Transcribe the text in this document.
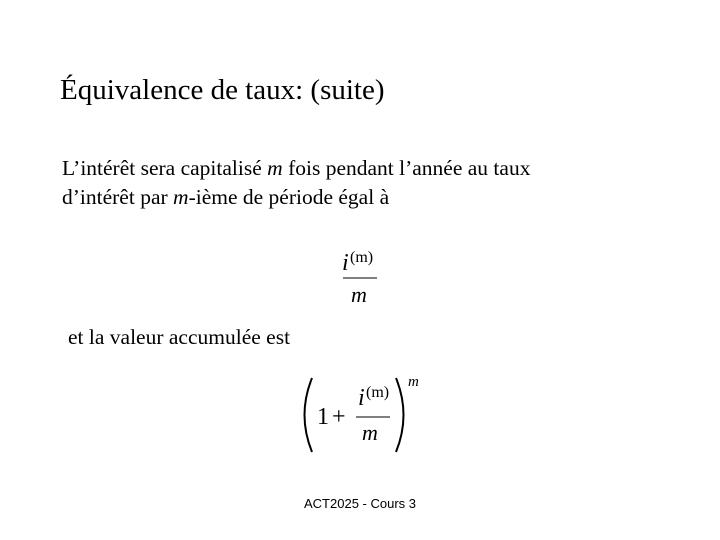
Équivalence de taux: (suite)
L’intérêt sera capitalisé m fois pendant l’année au taux
d’intérêt par m-ième de période égal à
i (m)
m
et la valeur accumulée est
1 +
i (m)
m
m
ACT2025 - Cours 3
